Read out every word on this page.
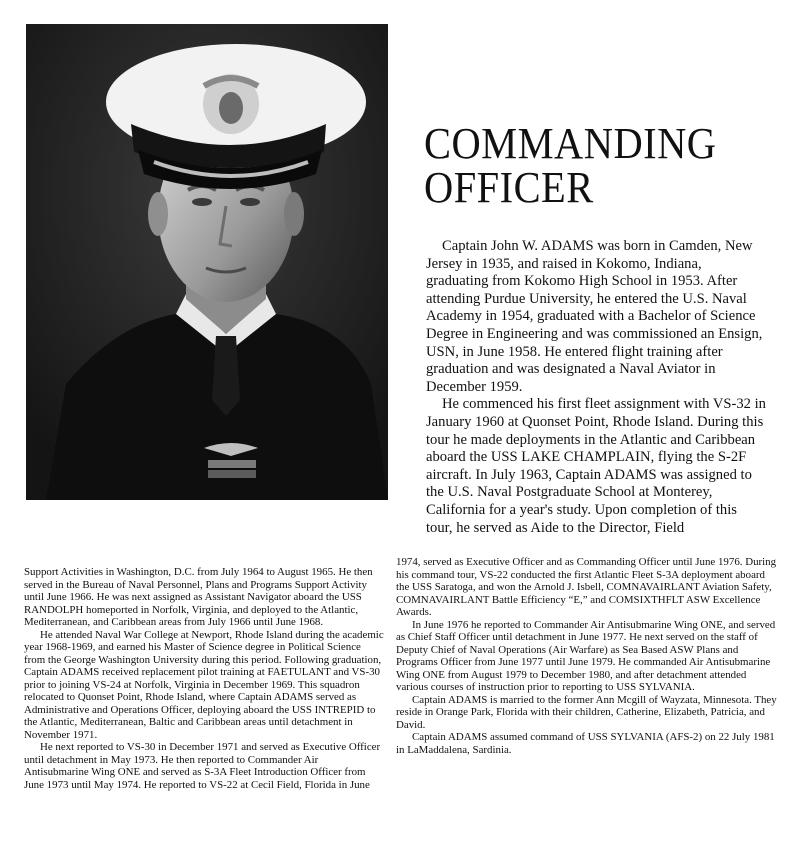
COMMANDING
OFFICER

Captain John W. ADAMS was born in Camden, New Jersey in 1935, and raised in Kokomo, Indiana, graduating from Kokomo High School in 1953. After attending Purdue University, he entered the U.S. Naval Academy in 1954, graduated with a Bachelor of Science Degree in Engineering and was commissioned an Ensign, USN, in June 1958. He entered flight training after graduation and was designated a Naval Aviator in December 1959.

He commenced his first fleet assignment with VS-32 in January 1960 at Quonset Point, Rhode Island. During this tour he made deployments in the Atlantic and Caribbean aboard the USS LAKE CHAMPLAIN, flying the S-2F aircraft. In July 1963, Captain ADAMS was assigned to the U.S. Naval Postgraduate School at Monterey, California for a year's study. Upon completion of this tour, he served as Aide to the Director, Field

Support Activities in Washington, D.C. from July 1964 to August 1965. He then served in the Bureau of Naval Personnel, Plans and Programs Support Activity until June 1966. He was next assigned as Assistant Navigator aboard the USS RANDOLPH homeported in Norfolk, Virginia, and deployed to the Atlantic, Mediterranean, and Caribbean areas from July 1966 until June 1968.

He attended Naval War College at Newport, Rhode Island during the academic year 1968-1969, and earned his Master of Science degree in Political Science from the George Washington University during this period. Following graduation, Captain ADAMS received replacement pilot training at FAETULANT and VS-30 prior to joining VS-24 at Norfolk, Virginia in December 1969. This squadron relocated to Quonset Point, Rhode Island, where Captain ADAMS served as Administrative and Operations Officer, deploying aboard the USS INTREPID to the Atlantic, Mediterranean, Baltic and Caribbean areas until detachment in November 1971.

He next reported to VS-30 in December 1971 and served as Executive Officer until detachment in May 1973. He then reported to Commander Air Antisubmarine Wing ONE and served as S-3A Fleet Introduction Officer from June 1973 until May 1974. He reported to VS-22 at Cecil Field, Florida in June

1974, served as Executive Officer and as Commanding Officer until June 1976. During his command tour, VS-22 conducted the first Atlantic Fleet S-3A deployment aboard the USS Saratoga, and won the Arnold J. Isbell, COMNAVAIRLANT Aviation Safety, COMNAVAIRLANT Battle Efficiency “E,” and COMSIXTHFLT ASW Excellence Awards.

In June 1976 he reported to Commander Air Antisubmarine Wing ONE, and served as Chief Staff Officer until detachment in June 1977. He next served on the staff of Deputy Chief of Naval Operations (Air Warfare) as Sea Based ASW Plans and Programs Officer from June 1977 until June 1979. He commanded Air Antisubmarine Wing ONE from August 1979 to December 1980, and after detachment attended various courses of instruction prior to reporting to USS SYLVANIA.

Captain ADAMS is married to the former Ann Mcgill of Wayzata, Minnesota. They reside in Orange Park, Florida with their children, Catherine, Elizabeth, Patricia, and David.

Captain ADAMS assumed command of USS SYLVANIA (AFS-2) on 22 July 1981 in LaMaddalena, Sardinia.
